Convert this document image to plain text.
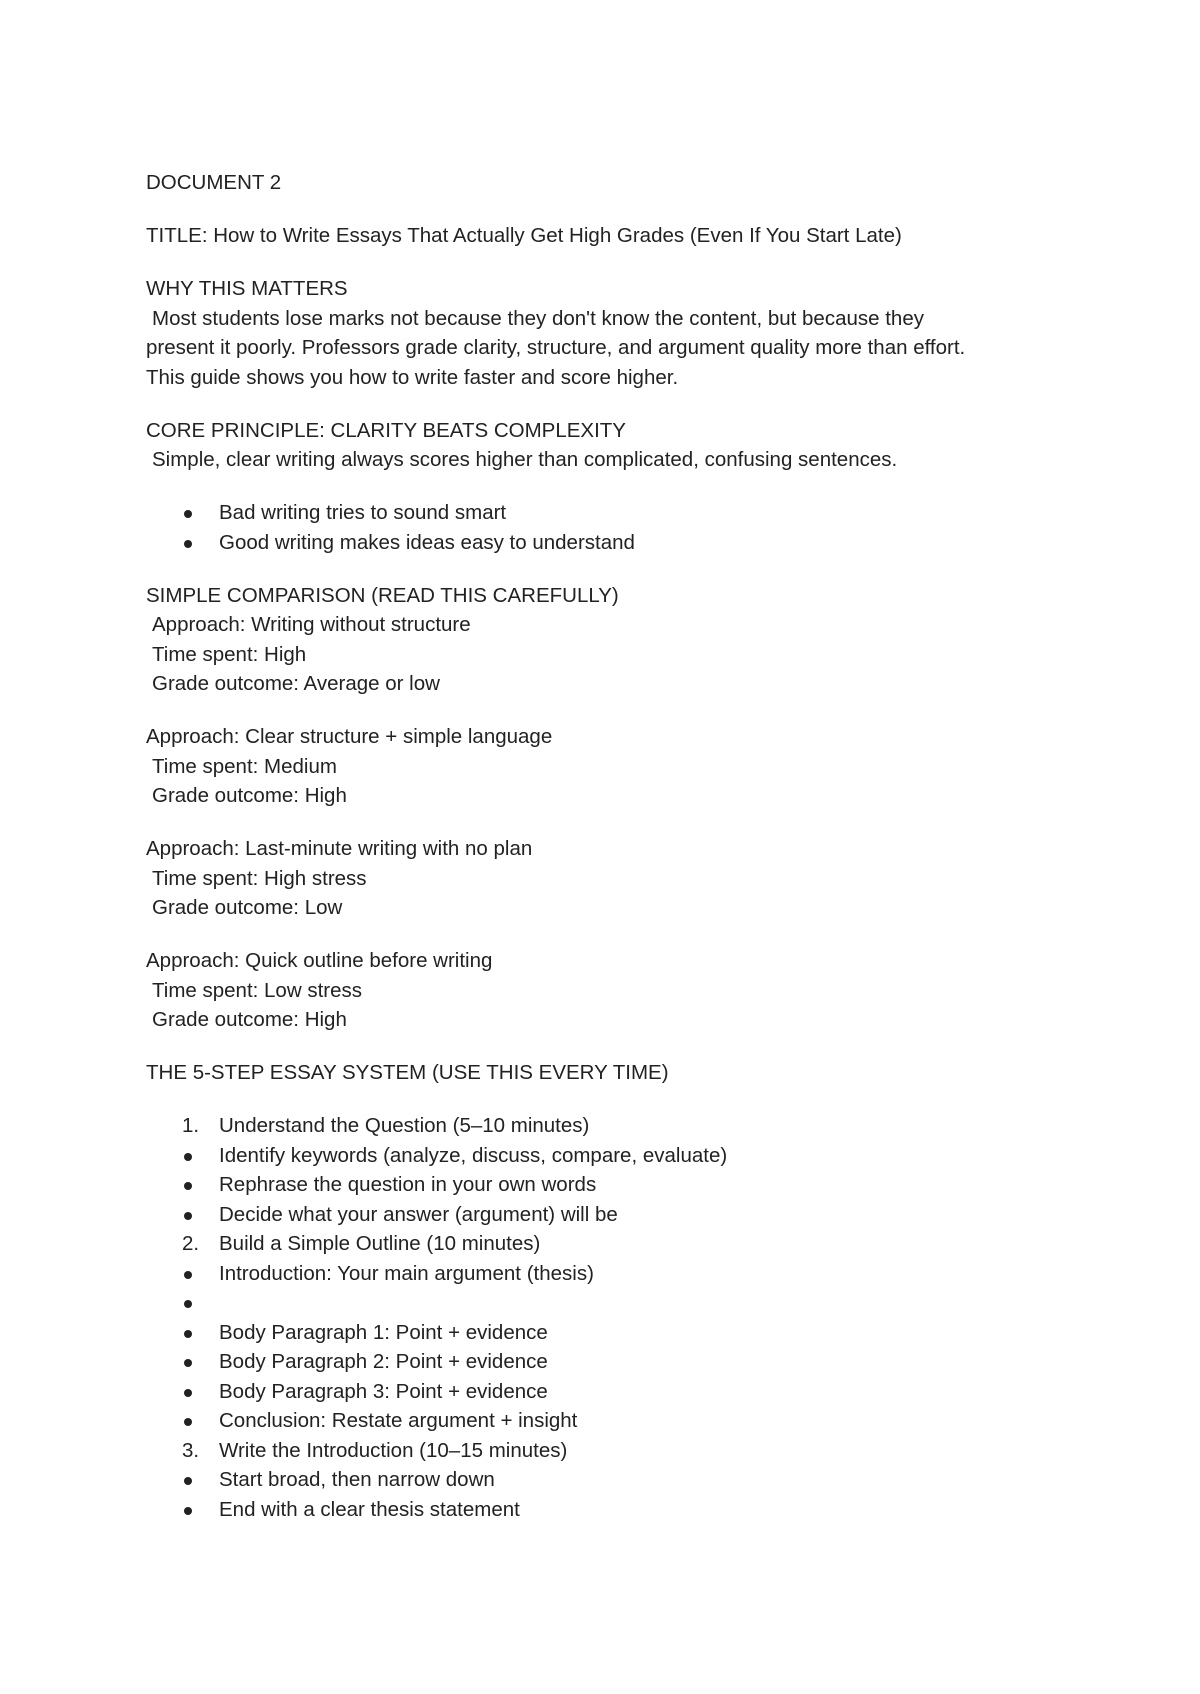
DOCUMENT 2
TITLE: How to Write Essays That Actually Get High Grades (Even If You Start Late)
WHY THIS MATTERS
Most students lose marks not because they don't know the content, but because they
present it poorly. Professors grade clarity, structure, and argument quality more than effort.
This guide shows you how to write faster and score higher.
CORE PRINCIPLE: CLARITY BEATS COMPLEXITY
Simple, clear writing always scores higher than complicated, confusing sentences.
Bad writing tries to sound smart
Good writing makes ideas easy to understand
SIMPLE COMPARISON (READ THIS CAREFULLY)
Approach: Writing without structure
Time spent: High
Grade outcome: Average or low
Approach: Clear structure + simple language
Time spent: Medium
Grade outcome: High
Approach: Last-minute writing with no plan
Time spent: High stress
Grade outcome: Low
Approach: Quick outline before writing
Time spent: Low stress
Grade outcome: High
THE 5-STEP ESSAY SYSTEM (USE THIS EVERY TIME)
1. Understand the Question (5–10 minutes)
Identify keywords (analyze, discuss, compare, evaluate)
Rephrase the question in your own words
Decide what your answer (argument) will be
2. Build a Simple Outline (10 minutes)
Introduction: Your main argument (thesis)
Body Paragraph 1: Point + evidence
Body Paragraph 2: Point + evidence
Body Paragraph 3: Point + evidence
Conclusion: Restate argument + insight
3. Write the Introduction (10–15 minutes)
Start broad, then narrow down
End with a clear thesis statement
